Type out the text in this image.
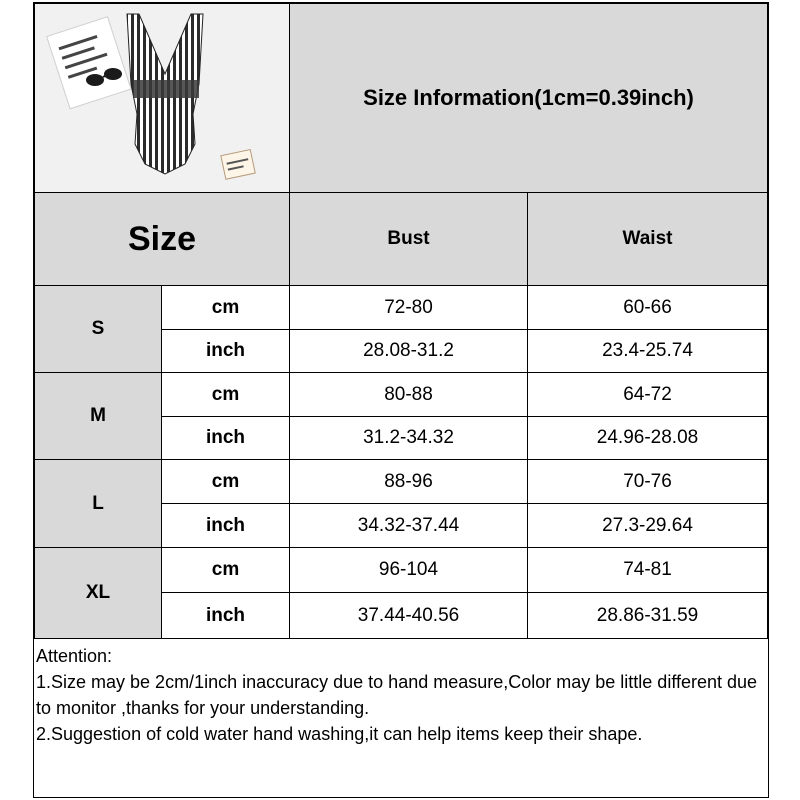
Size Information(1cm=0.39inch)
Size	Bust	Waist
S
cm	72-80	60-66
inch	28.08-31.2	23.4-25.74
M
cm	80-88	64-72
inch	31.2-34.32	24.96-28.08
L
cm	88-96	70-76
inch	34.32-37.44	27.3-29.64
XL
cm	96-104	74-81
inch	37.44-40.56	28.86-31.59

Attention:

1.Size may be 2cm/1inch inaccuracy due to hand measure,Color may be little different due to monitor ,thanks for your understanding.

2.Suggestion of cold water hand washing,it can help items keep their shape.
